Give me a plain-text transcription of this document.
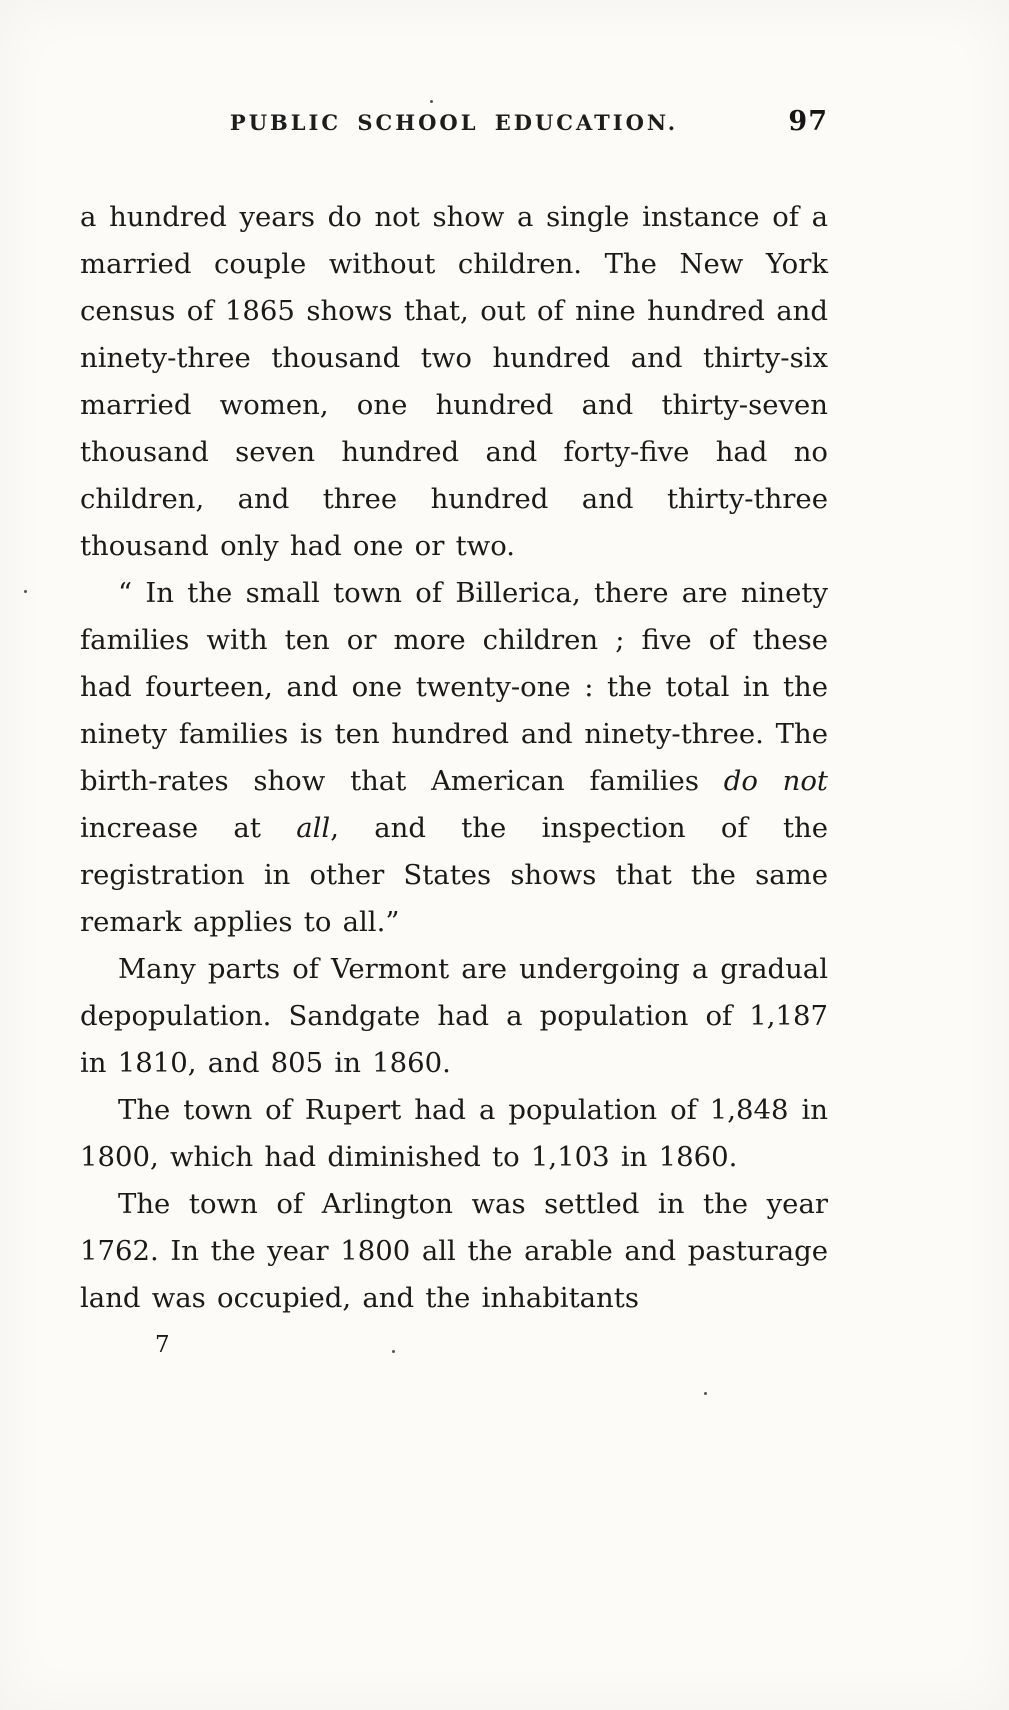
PUBLIC SCHOOL EDUCATION.	97

a hundred years do not show a single instance of a married couple without children. The New York census of 1865 shows that, out of nine hundred and ninety-three thousand two hundred and thirty-six married women, one hundred and thirty-seven thousand seven hundred and forty-five had no children, and three hundred and thirty-three thousand only had one or two.

“ In the small town of Billerica, there are ninety families with ten or more children ; five of these had fourteen, and one twenty-one : the total in the ninety families is ten hundred and ninety-three. The birth-rates show that American families do not increase at all, and the inspection of the registration in other States shows that the same remark applies to all.”

Many parts of Vermont are undergoing a gradual depopulation. Sandgate had a population of 1,187 in 1810, and 805 in 1860.

The town of Rupert had a population of 1,848 in 1800, which had diminished to 1,103 in 1860.

The town of Arlington was settled in the year 1762. In the year 1800 all the arable and pasturage land was occupied, and the inhabitants

7
